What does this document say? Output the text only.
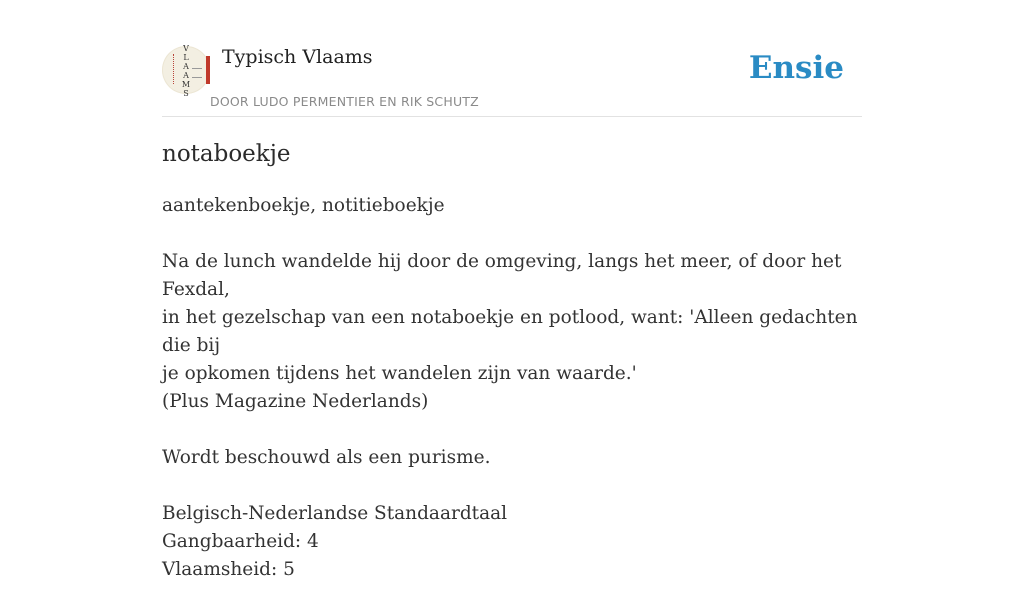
V
L
A
A
M
S
Typisch Vlaams
DOOR LUDO PERMENTIER EN RIK SCHUTZ
Ensie
notaboekje

aantekenboekje, notitieboekje

Na de lunch wandelde hij door de omgeving, langs het meer, of door het Fexdal,
in het gezelschap van een notaboekje en potlood, want: 'Alleen gedachten die bij
je opkomen tijdens het wandelen zijn van waarde.'
(Plus Magazine Nederlands)

Wordt beschouwd als een purisme.

Belgisch-Nederlandse Standaardtaal
Gangbaarheid: 4
Vlaamsheid: 5
